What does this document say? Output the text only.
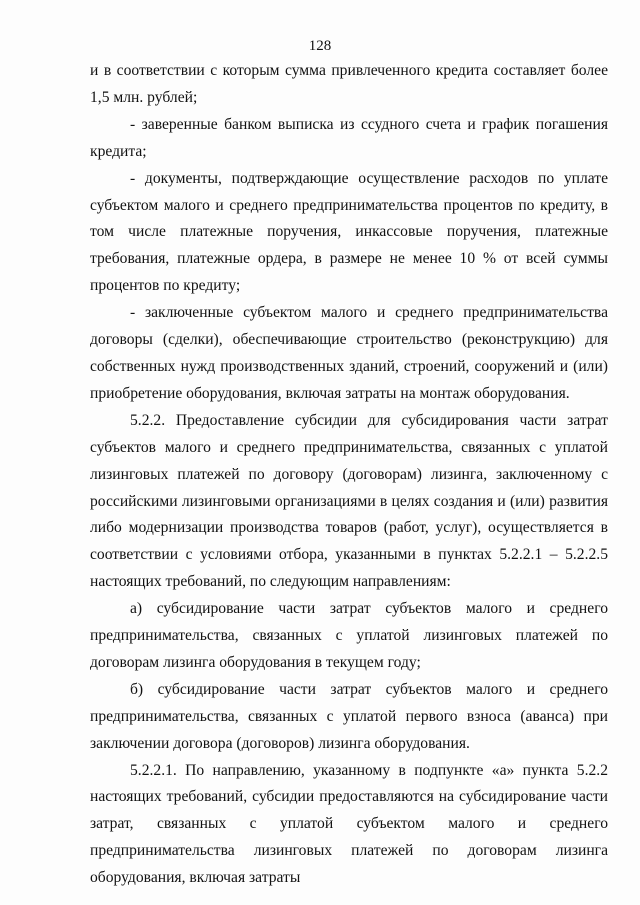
128

и в соответствии с которым сумма привлеченного кредита составляет более 1,5 млн. рублей;

- заверенные банком выписка из ссудного счета и график погашения кредита;

- документы, подтверждающие осуществление расходов по уплате субъектом малого и среднего предпринимательства процентов по кредиту, в том числе платежные поручения, инкассовые поручения, платежные требования, платежные ордера, в размере не менее 10 % от всей суммы процентов по кредиту;

- заключенные субъектом малого и среднего предпринимательства договоры (сделки), обеспечивающие строительство (реконструкцию) для собственных нужд производственных зданий, строений, сооружений и (или) приобретение оборудования, включая затраты на монтаж оборудования.

5.2.2. Предоставление субсидии для субсидирования части затрат субъектов малого и среднего предпринимательства, связанных с уплатой лизинговых платежей по договору (договорам) лизинга, заключенному с российскими лизинговыми организациями в целях создания и (или) развития либо модернизации производства товаров (работ, услуг), осуществляется в соответствии с условиями отбора, указанными в пунктах 5.2.2.1 – 5.2.2.5 настоящих требований, по следующим направлениям:

а) субсидирование части затрат субъектов малого и среднего предпринимательства, связанных с уплатой лизинговых платежей по договорам лизинга оборудования в текущем году;

б) субсидирование части затрат субъектов малого и среднего предпринимательства, связанных с уплатой первого взноса (аванса) при заключении договора (договоров) лизинга оборудования.

5.2.2.1. По направлению, указанному в подпункте «а» пункта 5.2.2 настоящих требований, субсидии предоставляются на субсидирование части затрат, связанных с уплатой субъектом малого и среднего предпринимательства лизинговых платежей по договорам лизинга оборудования, включая затраты
